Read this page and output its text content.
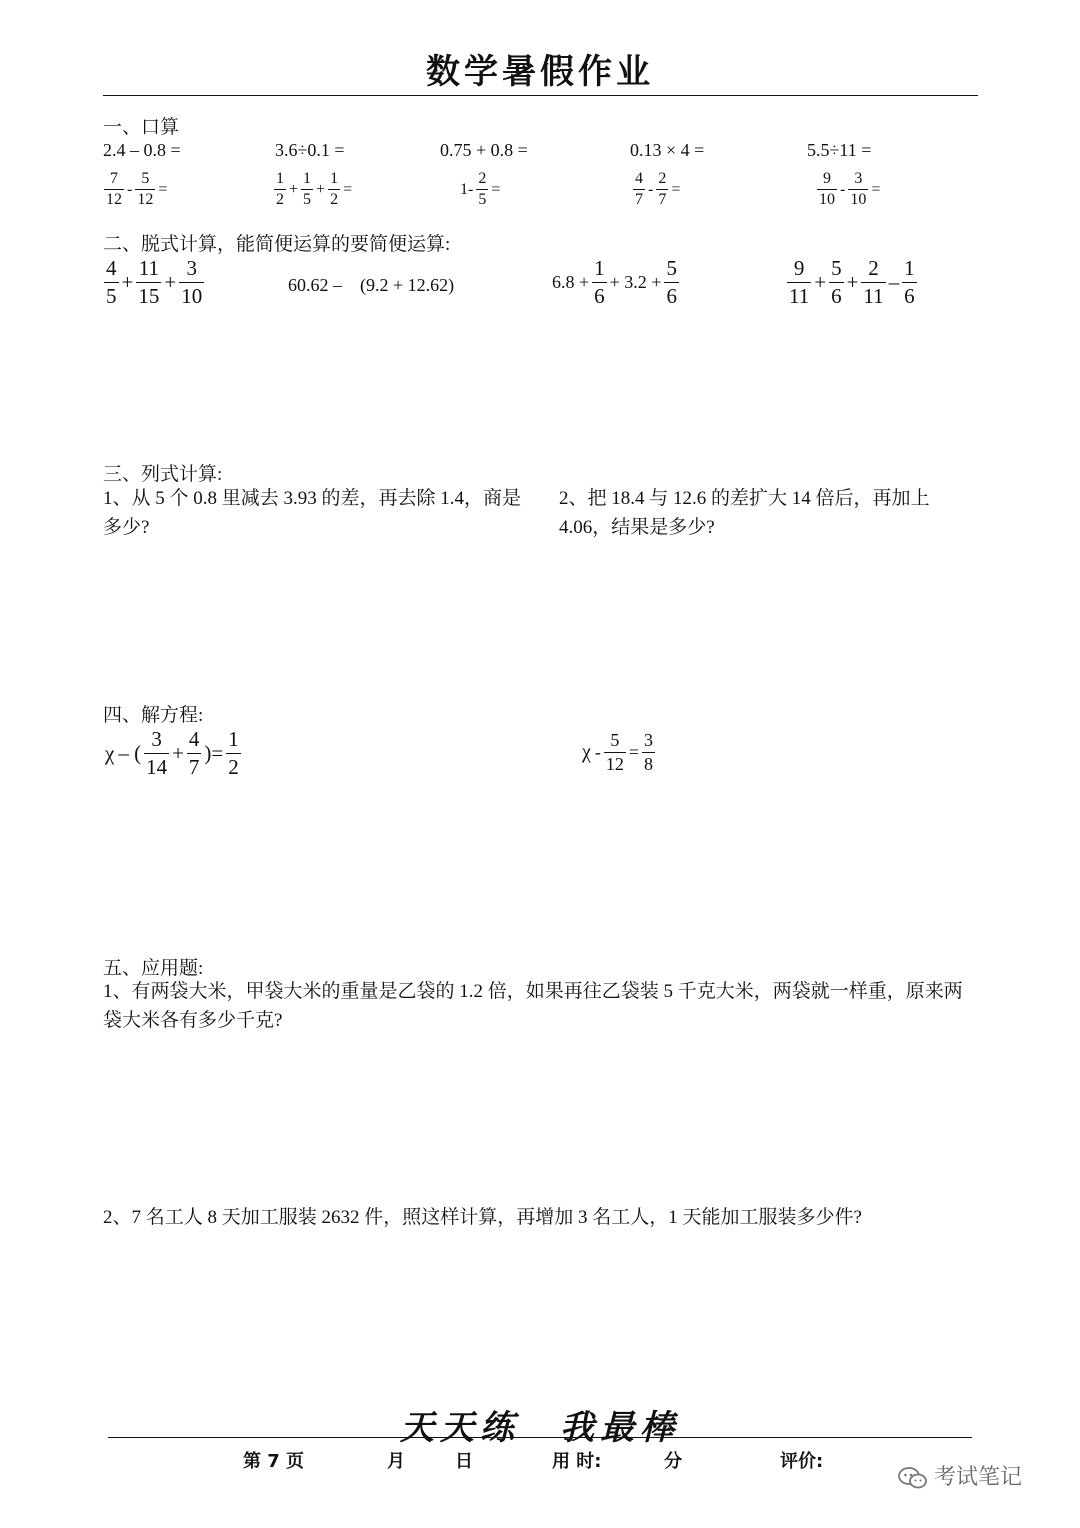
数学暑假作业
一、口算
2.4 – 0.8 =	3.6÷0.1 =	0.75 + 0.8 =	0.13 × 4 =	5.5÷11 =
$\frac{7}{12} - \frac{5}{12}$ =	$\frac{1}{2} + \frac{1}{5} + \frac{1}{2}$ =	$1- \frac{2}{5}$ =	$\frac{4}{7} - \frac{2}{7}$ =	$\frac{9}{10} - \frac{3}{10}$ =
二、脱式计算，能简便运算的要简便运算:
$\frac{4}{5} + \frac{11}{15} + \frac{3}{10}$	60.62 –　(9.2 + 12.62)	$6.8 + \frac{1}{6} + 3.2 + \frac{5}{6}$	$\frac{9}{11} + \frac{5}{6} + \frac{2}{11} - \frac{1}{6}$
三、列式计算:
1、从 5 个 0.8 里减去 3.93 的差，再去除 1.4，商是多少?
2、把 18.4 与 12.6 的差扩大 14 倍后，再加上 4.06，结果是多少?
四、解方程:
χ – ( $\frac{3}{14} + \frac{4}{7}$ )= $\frac{1}{2}$	$\chi - \frac{5}{12} = \frac{3}{8}$
五、应用题:
1、有两袋大米，甲袋大米的重量是乙袋的 1.2 倍，如果再往乙袋装 5 千克大米，两袋就一样重，原来两袋大米各有多少千克?
2、7 名工人 8 天加工服装 2632 件，照这样计算，再增加 3 名工人，1 天能加工服装多少件?
天天练　我最棒
第 7 页	月	日	用 时:	分	评价:
考试笔记
